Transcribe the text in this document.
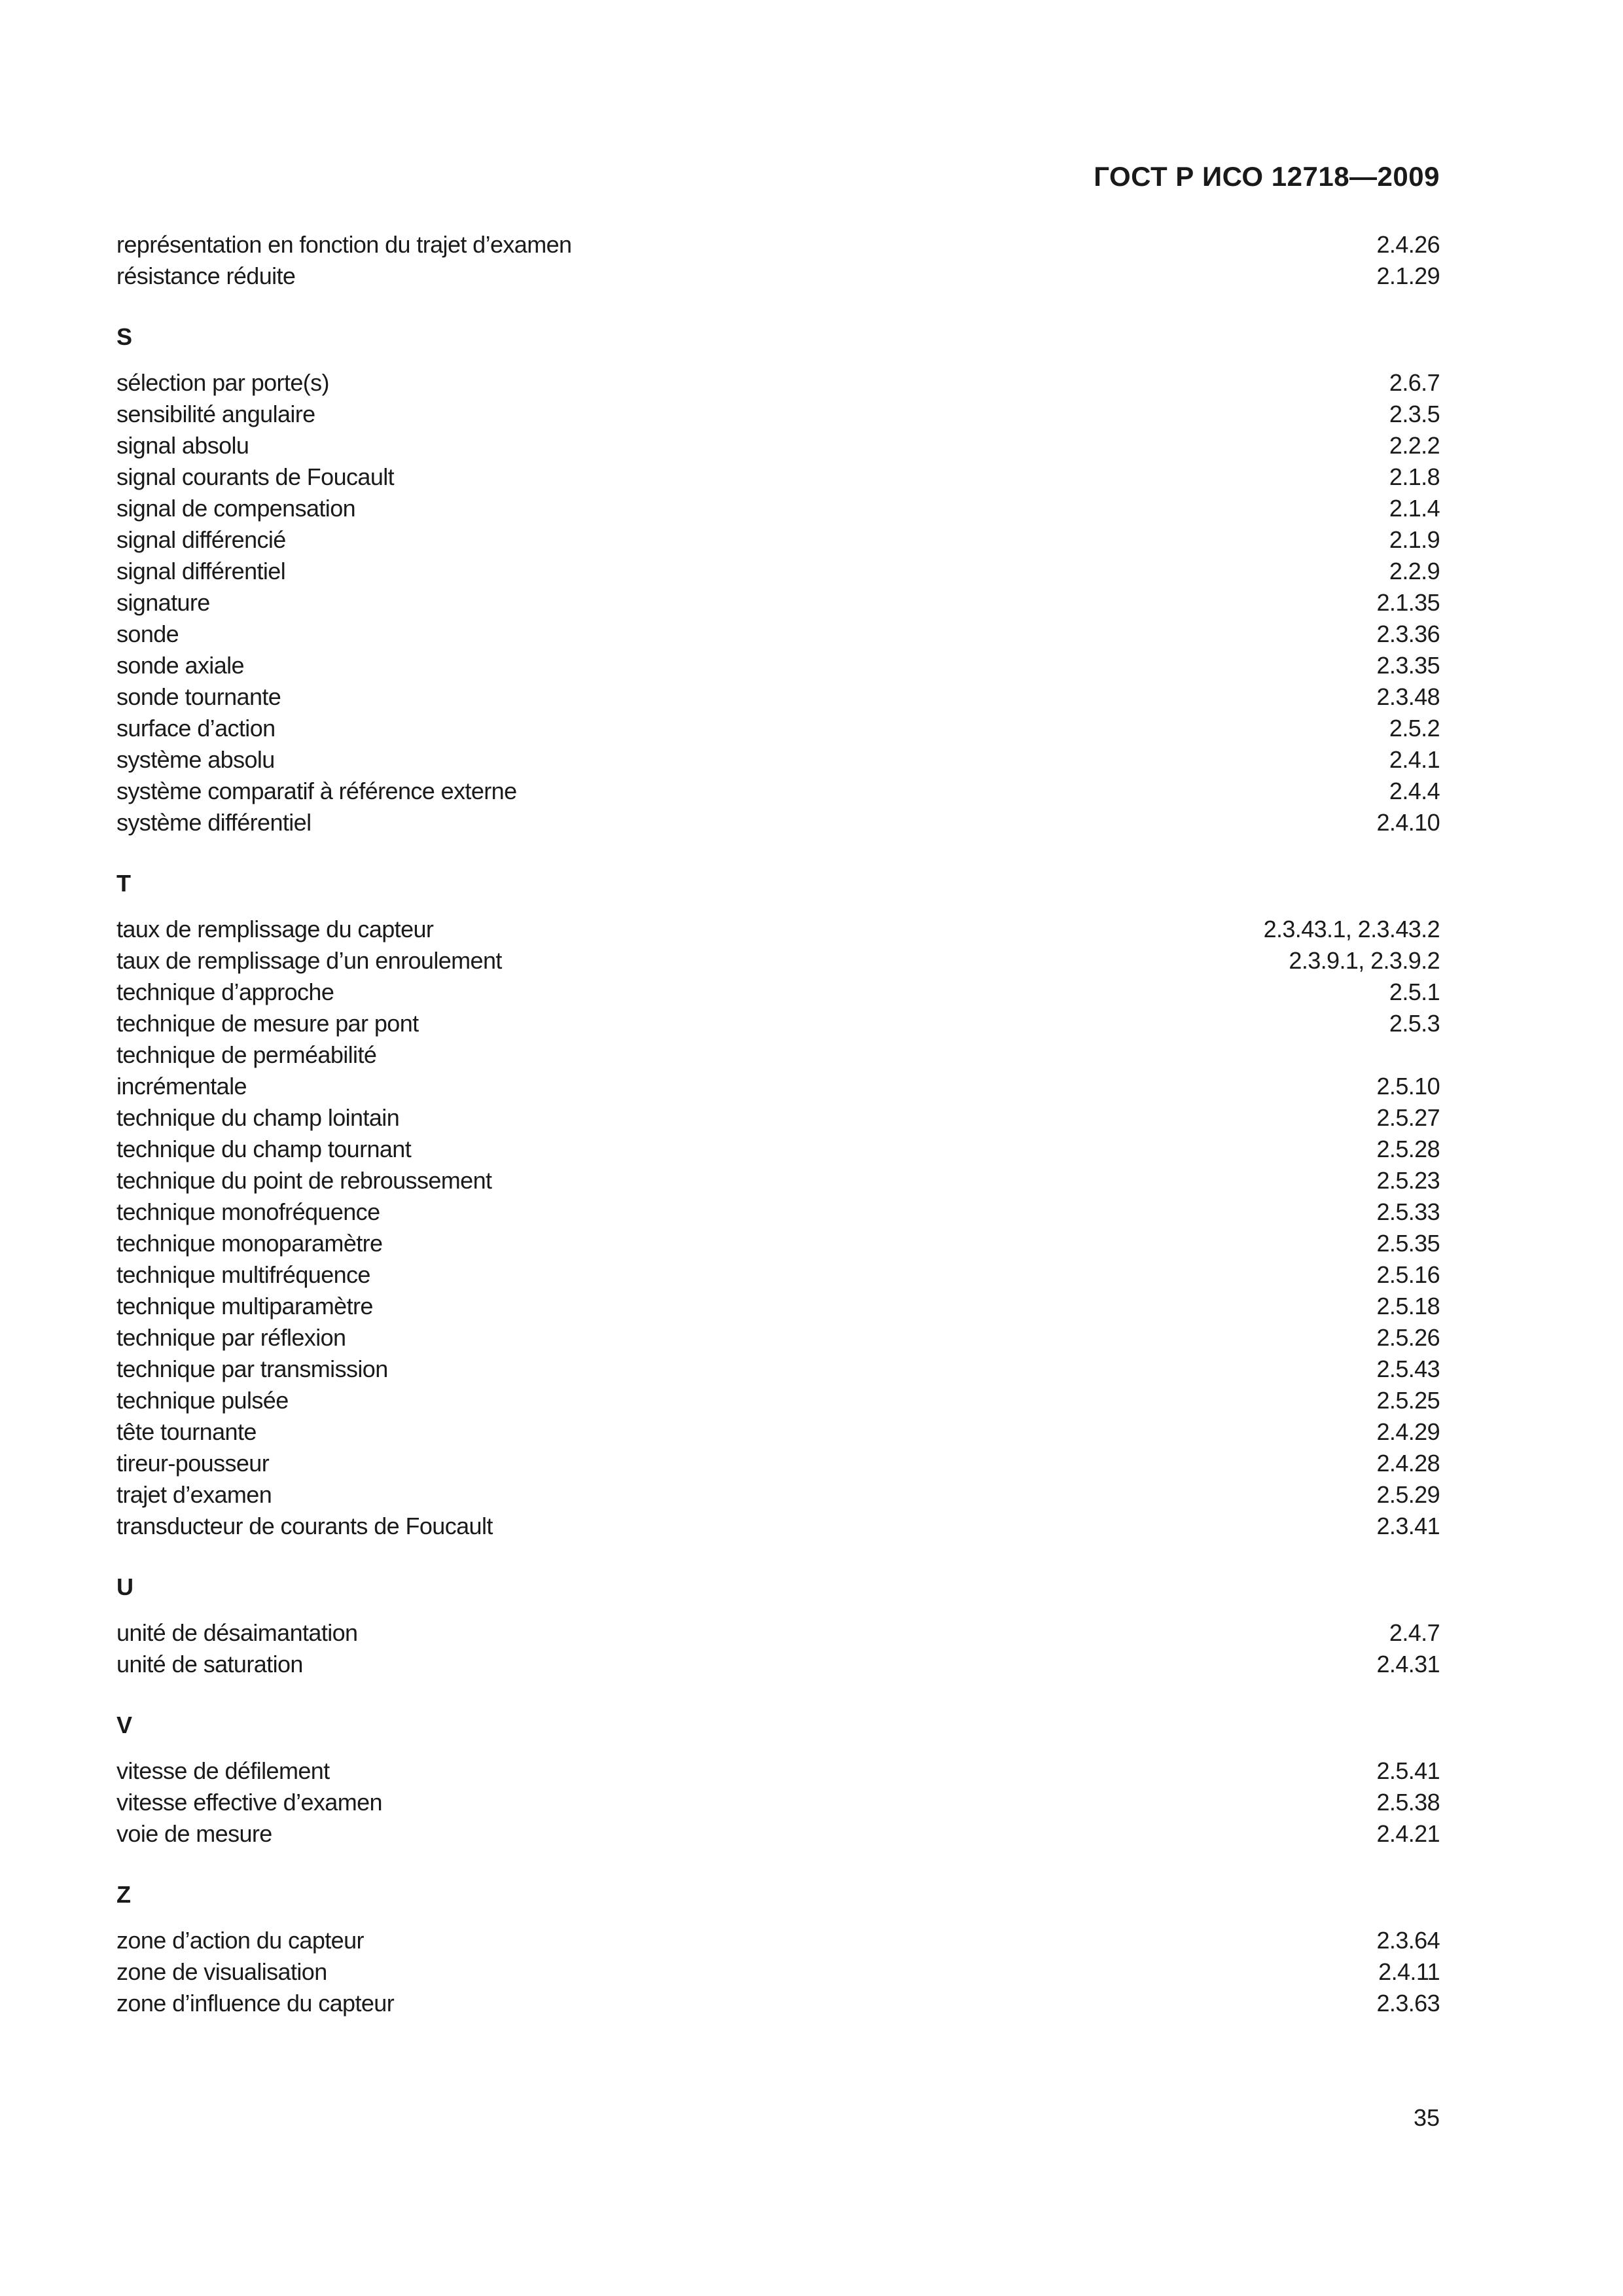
ГОСТ Р ИСО 12718—2009
représentation en fonction du trajet d’examen	2.4.26
résistance réduite	2.1.29
S
sélection par porte(s)	2.6.7
sensibilité angulaire	2.3.5
signal absolu	2.2.2
signal courants de Foucault	2.1.8
signal de compensation	2.1.4
signal différencié	2.1.9
signal différentiel	2.2.9
signature	2.1.35
sonde	2.3.36
sonde axiale	2.3.35
sonde tournante	2.3.48
surface d’action	2.5.2
système absolu	2.4.1
système comparatif à référence externe	2.4.4
système différentiel	2.4.10
T
taux de remplissage du capteur	2.3.43.1, 2.3.43.2
taux de remplissage d’un enroulement	2.3.9.1, 2.3.9.2
technique d’approche	2.5.1
technique de mesure par pont	2.5.3
technique de perméabilité
incrémentale	2.5.10
technique du champ lointain	2.5.27
technique du champ tournant	2.5.28
technique du point de rebroussement	2.5.23
technique monofréquence	2.5.33
technique monoparamètre	2.5.35
technique multifréquence	2.5.16
technique multiparamètre	2.5.18
technique par réflexion	2.5.26
technique par transmission	2.5.43
technique pulsée	2.5.25
tête tournante	2.4.29
tireur-pousseur	2.4.28
trajet d’examen	2.5.29
transducteur de courants de Foucault	2.3.41
U
unité de désaimantation	2.4.7
unité de saturation	2.4.31
V
vitesse de défilement	2.5.41
vitesse effective d’examen	2.5.38
voie de mesure	2.4.21
Z
zone d’action du capteur	2.3.64
zone de visualisation	2.4.11
zone d’influence du capteur	2.3.63
35
